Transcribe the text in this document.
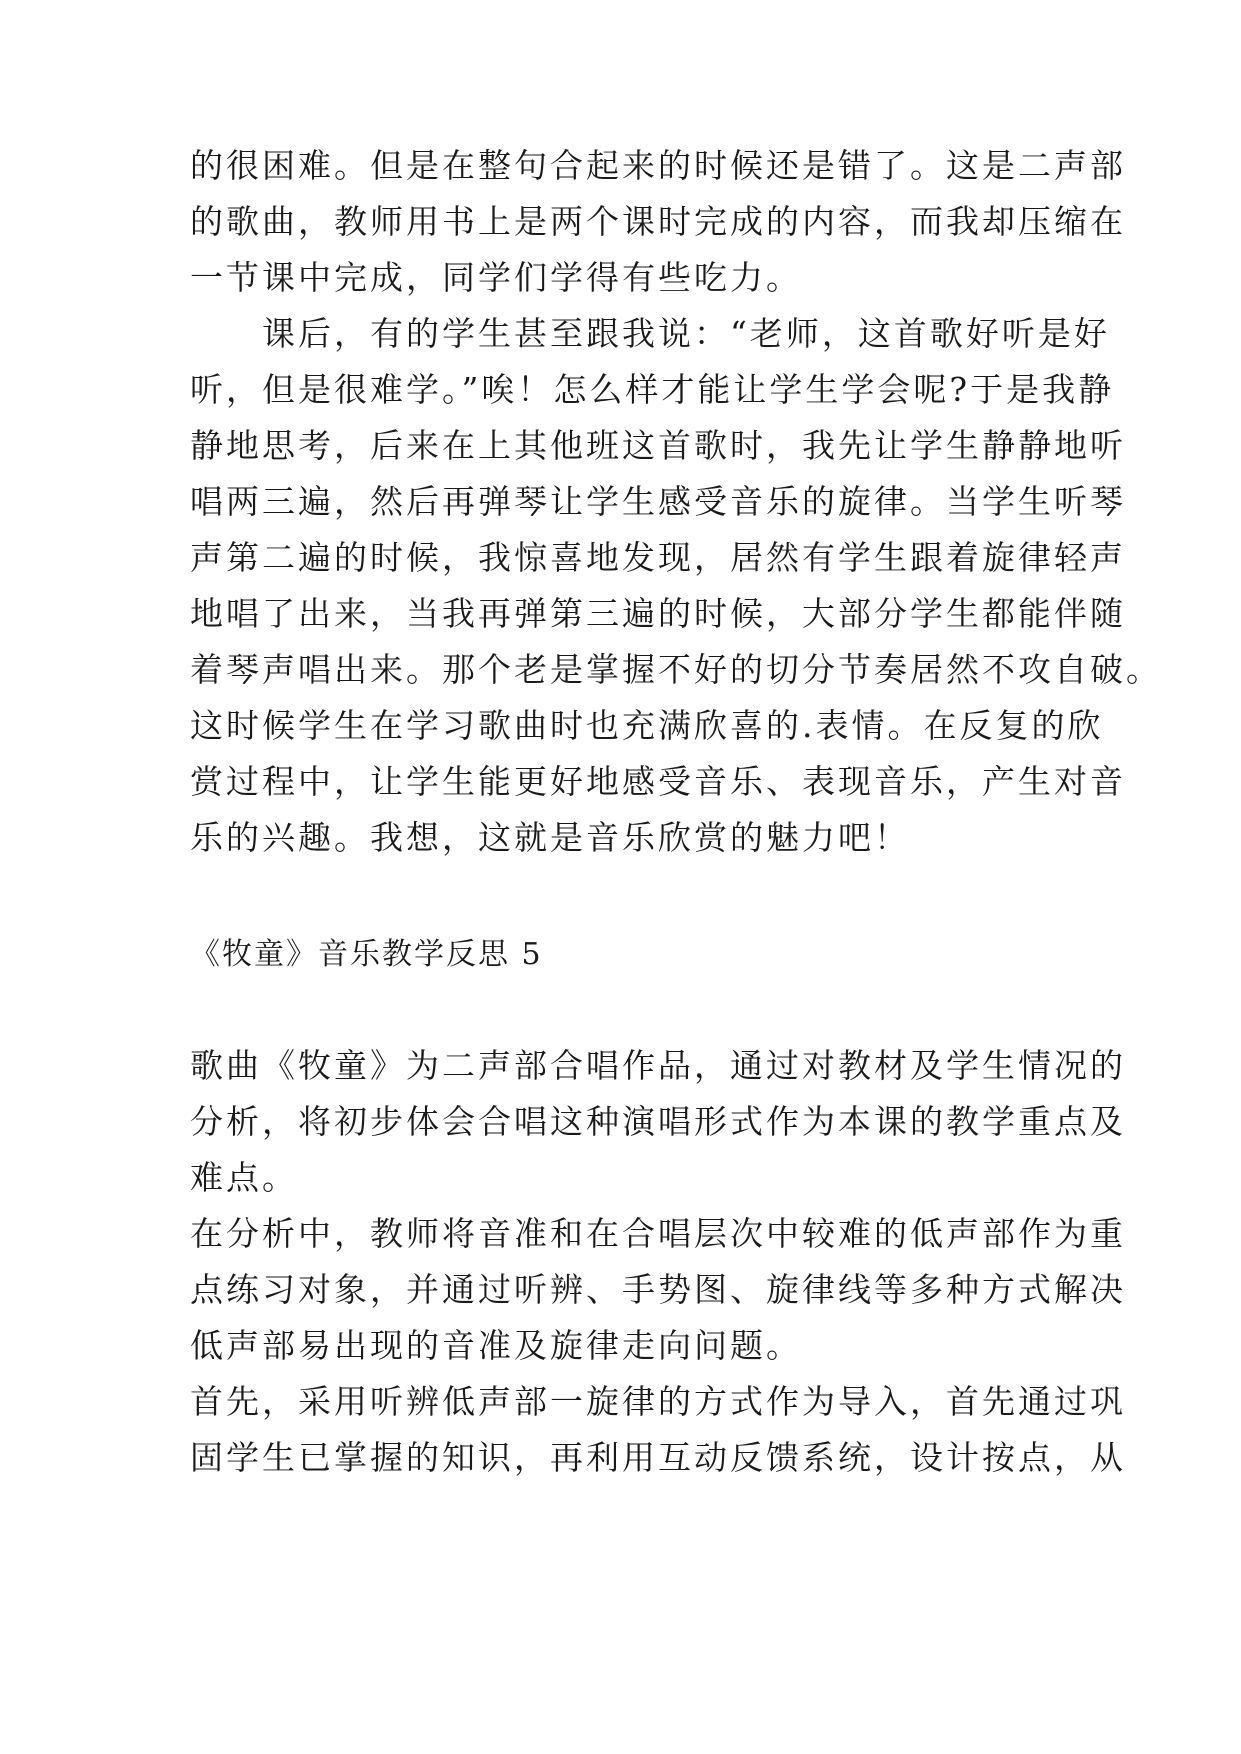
的很困难。但是在整句合起来的时候还是错了。这是二声部
的歌曲，教师用书上是两个课时完成的内容，而我却压缩在
一节课中完成，同学们学得有些吃力。
　　课后，有的学生甚至跟我说：“老师，这首歌好听是好
听，但是很难学。”唉！怎么样才能让学生学会呢?于是我静
静地思考，后来在上其他班这首歌时，我先让学生静静地听
唱两三遍，然后再弹琴让学生感受音乐的旋律。当学生听琴
声第二遍的时候，我惊喜地发现，居然有学生跟着旋律轻声
地唱了出来，当我再弹第三遍的时候，大部分学生都能伴随
着琴声唱出来。那个老是掌握不好的切分节奏居然不攻自破。
这时候学生在学习歌曲时也充满欣喜的.表情。在反复的欣
赏过程中，让学生能更好地感受音乐、表现音乐，产生对音
乐的兴趣。我想，这就是音乐欣赏的魅力吧！
《牧童》音乐教学反思 5
歌曲《牧童》为二声部合唱作品，通过对教材及学生情况的
分析，将初步体会合唱这种演唱形式作为本课的教学重点及
难点。
在分析中，教师将音准和在合唱层次中较难的低声部作为重
点练习对象，并通过听辨、手势图、旋律线等多种方式解决
低声部易出现的音准及旋律走向问题。
首先，采用听辨低声部一旋律的方式作为导入，首先通过巩
固学生已掌握的知识，再利用互动反馈系统，设计按点，从
